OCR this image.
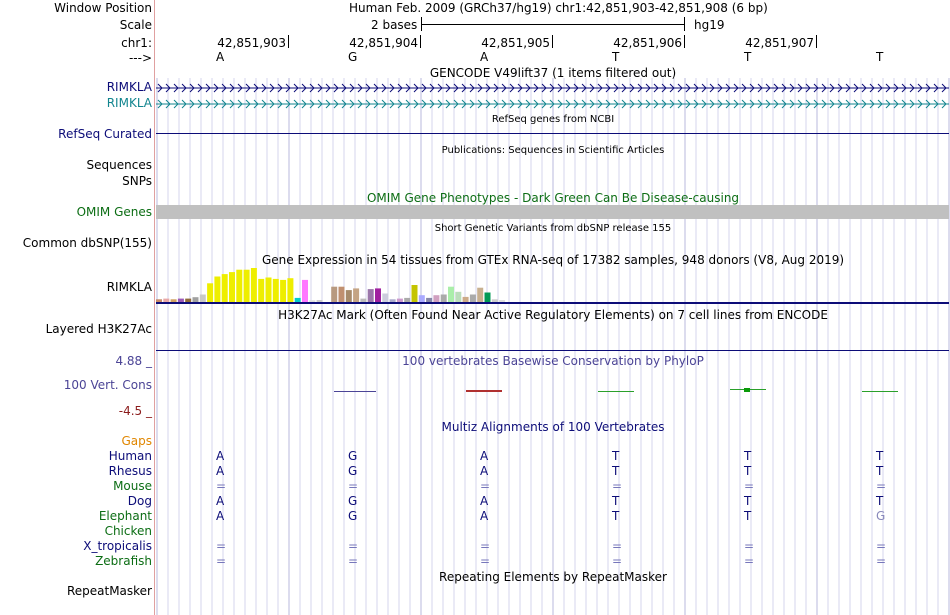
Window Position	Human Feb. 2009 (GRCh37/hg19) chr1:42,851,903-42,851,908 (6 bp)
Scale	2 bases	hg19
chr1:	42,851,903	42,851,904	42,851,905	42,851,906	42,851,907
--->	A	G	A	T	T	T
GENCODE V49lift37 (1 items filtered out)
RIMKLA
RIMKLA
RefSeq genes from NCBI
RefSeq Curated
Publications: Sequences in Scientific Articles
Sequences
SNPs
OMIM Gene Phenotypes - Dark Green Can Be Disease-causing
OMIM Genes
Short Genetic Variants from dbSNP release 155
Common dbSNP(155)
Gene Expression in 54 tissues from GTEx RNA-seq of 17382 samples, 948 donors (V8, Aug 2019)
RIMKLA
H3K27Ac Mark (Often Found Near Active Regulatory Elements) on 7 cell lines from ENCODE
Layered H3K27Ac
100 vertebrates Basewise Conservation by PhyloP
4.88 _
100 Vert. Cons
-4.5 _
Multiz Alignments of 100 Vertebrates
Gaps
Human	A	G	A	T	T	T
Rhesus	A	G	A	T	T	T
Mouse	=	=	=	=	=	=
Dog	A	G	A	T	T	T
Elephant	A	G	A	T	T	G
Chicken
X_tropicalis	=	=	=	=	=	=
Zebrafish	=	=	=	=	=	=
Repeating Elements by RepeatMasker
RepeatMasker
